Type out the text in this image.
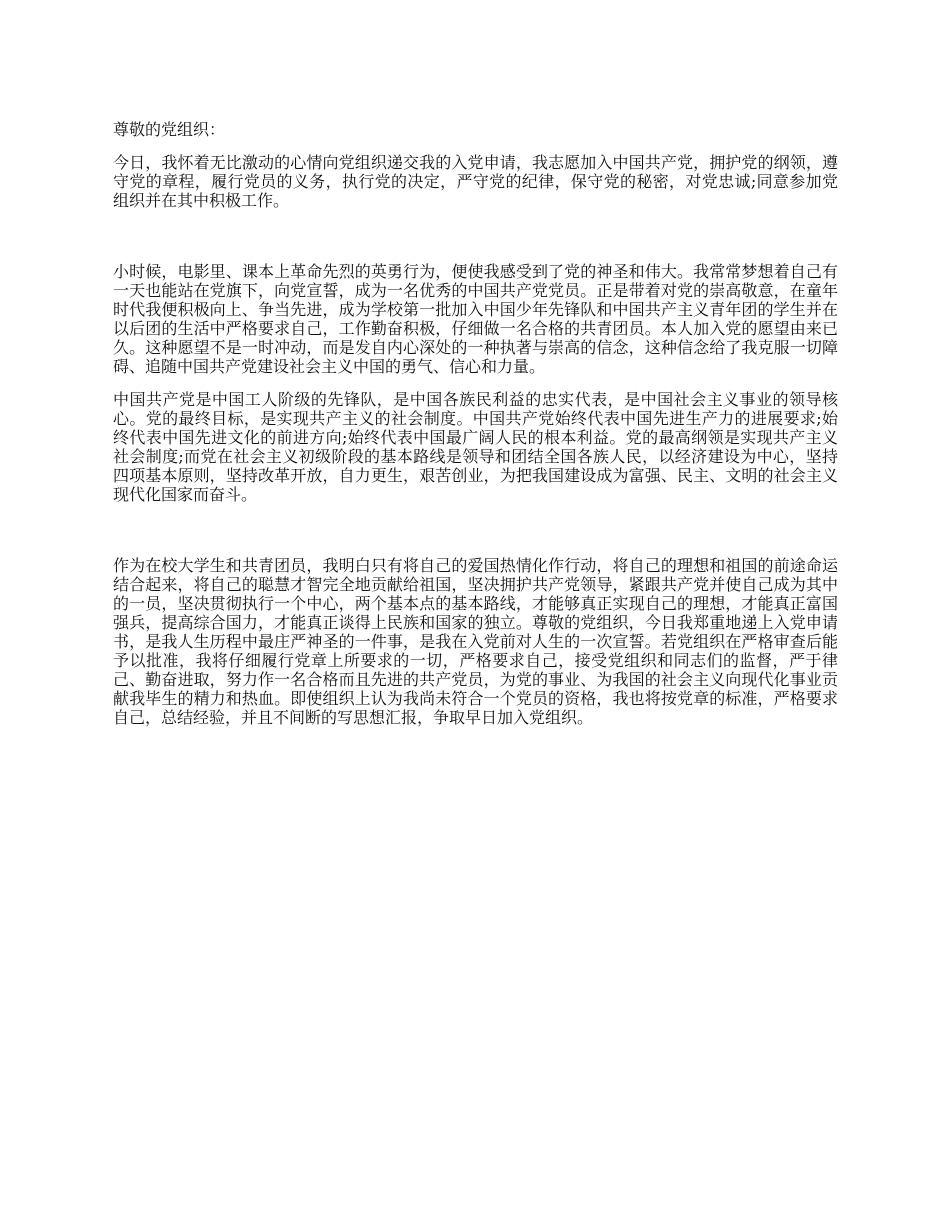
尊敬的党组织：

今日，我怀着无比激动的心情向党组织递交我的入党申请，我志愿加入中国共产党，拥护党的纲领，遵守党的章程，履行党员的义务，执行党的决定，严守党的纪律，保守党的秘密，对党忠诚;同意参加党组织并在其中积极工作。

小时候，电影里、课本上革命先烈的英勇行为，便使我感受到了党的神圣和伟大。我常常梦想着自己有一天也能站在党旗下，向党宣誓，成为一名优秀的中国共产党党员。正是带着对党的崇高敬意，在童年时代我便积极向上、争当先进，成为学校第一批加入中国少年先锋队和中国共产主义青年团的学生并在以后团的生活中严格要求自己，工作勤奋积极，仔细做一名合格的共青团员。本人加入党的愿望由来已久。这种愿望不是一时冲动，而是发自内心深处的一种执著与崇高的信念，这种信念给了我克服一切障碍、追随中国共产党建设社会主义中国的勇气、信心和力量。

中国共产党是中国工人阶级的先锋队，是中国各族民利益的忠实代表，是中国社会主义事业的领导核心。党的最终目标，是实现共产主义的社会制度。中国共产党始终代表中国先进生产力的进展要求;始终代表中国先进文化的前进方向;始终代表中国最广阔人民的根本利益。党的最高纲领是实现共产主义社会制度;而党在社会主义初级阶段的基本路线是领导和团结全国各族人民，以经济建设为中心，坚持四项基本原则，坚持改革开放，自力更生，艰苦创业，为把我国建设成为富强、民主、文明的社会主义现代化国家而奋斗。

作为在校大学生和共青团员，我明白只有将自己的爱国热情化作行动，将自己的理想和祖国的前途命运结合起来，将自己的聪慧才智完全地贡献给祖国，坚决拥护共产党领导，紧跟共产党并使自己成为其中的一员，坚决贯彻执行一个中心，两个基本点的基本路线，才能够真正实现自己的理想，才能真正富国强兵，提高综合国力，才能真正谈得上民族和国家的独立。尊敬的党组织，今日我郑重地递上入党申请书，是我人生历程中最庄严神圣的一件事，是我在入党前对人生的一次宣誓。若党组织在严格审查后能予以批准，我将仔细履行党章上所要求的一切，严格要求自己，接受党组织和同志们的监督，严于律己、勤奋进取，努力作一名合格而且先进的共产党员，为党的事业、为我国的社会主义向现代化事业贡献我毕生的精力和热血。即使组织上认为我尚未符合一个党员的资格，我也将按党章的标准，严格要求自己，总结经验，并且不间断的写思想汇报，争取早日加入党组织。
